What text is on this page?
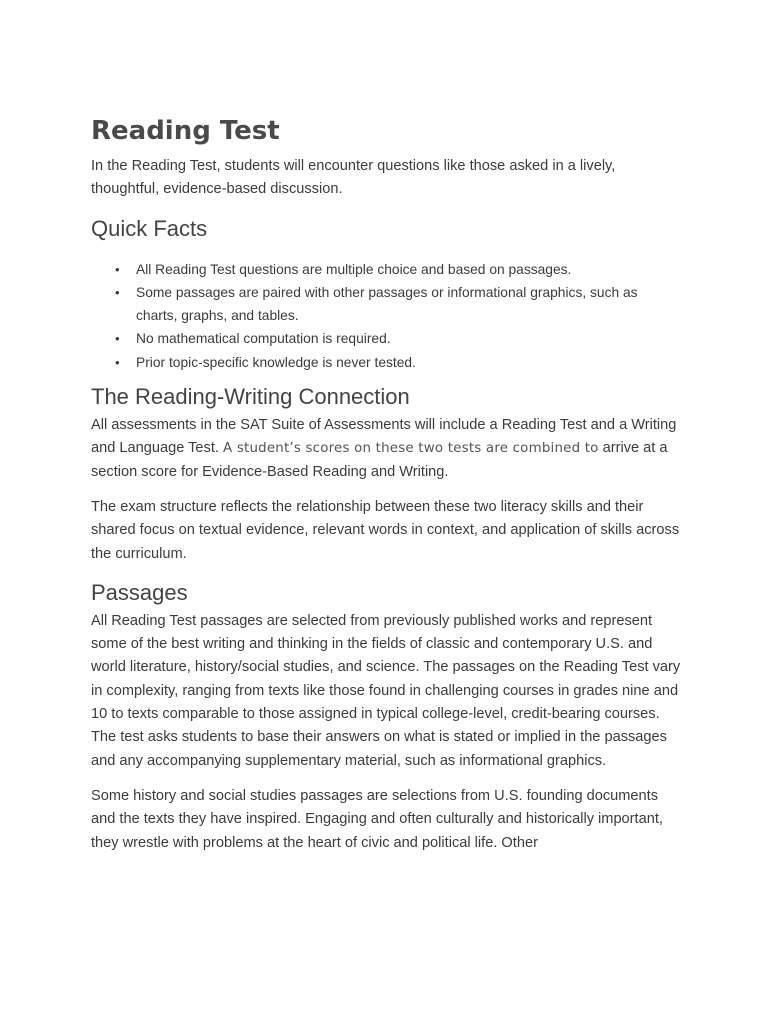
Reading Test

In the Reading Test, students will encounter questions like those asked in a lively, thoughtful, evidence-based discussion.

Quick Facts
• All Reading Test questions are multiple choice and based on passages.
• Some passages are paired with other passages or informational graphics, such as charts, graphs, and tables.
• No mathematical computation is required.
• Prior topic-specific knowledge is never tested.
The Reading-Writing Connection

All assessments in the SAT Suite of Assessments will include a Reading Test and a Writing and Language Test. A student’s scores on these two tests are combined to arrive at a section score for Evidence-Based Reading and Writing.

The exam structure reflects the relationship between these two literacy skills and their shared focus on textual evidence, relevant words in context, and application of skills across the curriculum.

Passages

All Reading Test passages are selected from previously published works and represent some of the best writing and thinking in the fields of classic and contemporary U.S. and world literature, history/social studies, and science. The passages on the Reading Test vary in complexity, ranging from texts like those found in challenging courses in grades nine and 10 to texts comparable to those assigned in typical college-level, credit-bearing courses. The test asks students to base their answers on what is stated or implied in the passages and any accompanying supplementary material, such as informational graphics.

Some history and social studies passages are selections from U.S. founding documents and the texts they have inspired. Engaging and often culturally and historically important, they wrestle with problems at the heart of civic and political life. Other
